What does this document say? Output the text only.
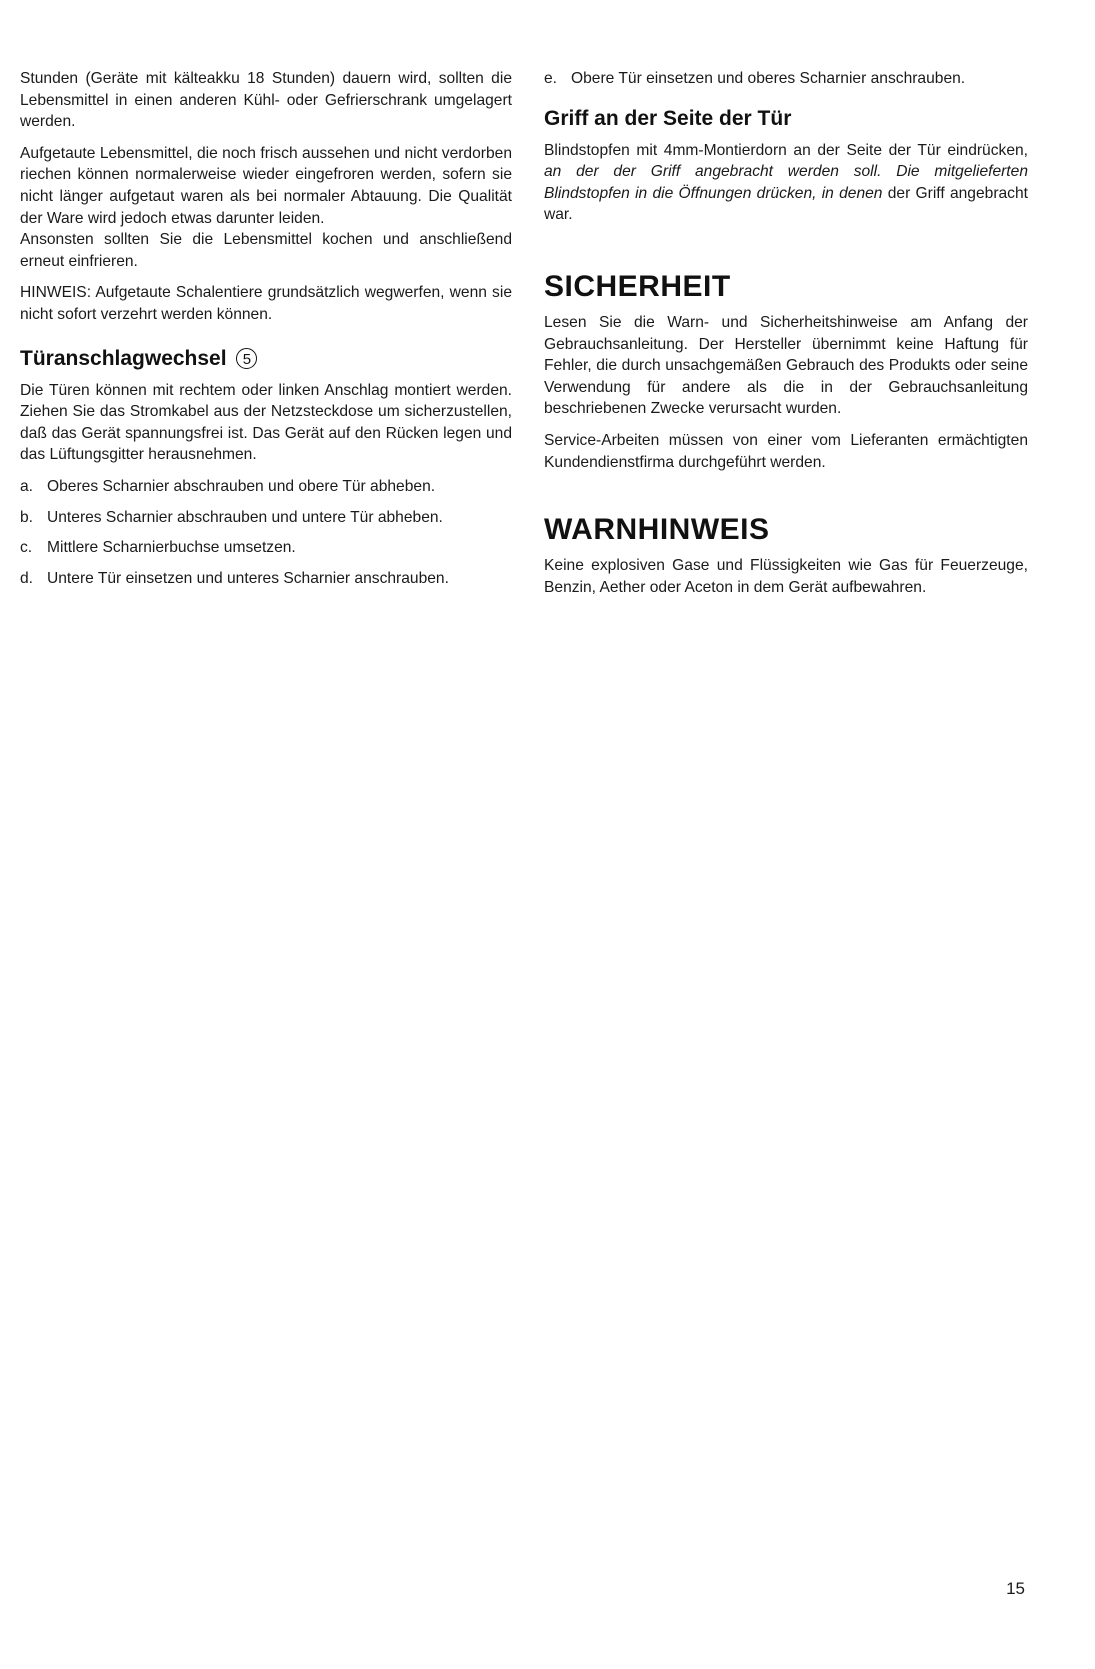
Stunden (Geräte mit kälteakku 18 Stunden) dauern wird, sollten die Lebensmittel in einen anderen Kühl- oder Gefrierschrank umgelagert werden.

Aufgetaute Lebensmittel, die noch frisch aussehen und nicht verdorben riechen können normalerweise wieder eingefroren werden, sofern sie nicht länger aufgetaut waren als bei normaler Abtauung. Die Qualität der Ware wird jedoch etwas darunter leiden.

Ansonsten sollten Sie die Lebensmittel kochen und anschließend erneut einfrieren.

HINWEIS: Aufgetaute Schalentiere grundsätzlich wegwerfen, wenn sie nicht sofort verzehrt werden können.

Türanschlagwechsel 5

Die Türen können mit rechtem oder linken Anschlag montiert werden. Ziehen Sie das Stromkabel aus der Netzsteckdose um sicherzustellen, daß das Gerät spannungsfrei ist. Das Gerät auf den Rücken legen und das Lüftungsgitter herausnehmen.

a. Oberes Scharnier abschrauben und obere Tür abheben.
b. Unteres Scharnier abschrauben und untere Tür abheben.
c. Mittlere Scharnierbuchse umsetzen.
d. Untere Tür einsetzen und unteres Scharnier anschrauben.
e. Obere Tür einsetzen und oberes Scharnier anschrauben.
Griff an der Seite der Tür

Blindstopfen mit 4mm-Montierdorn an der Seite der Tür eindrücken, an der der Griff angebracht werden soll. Die mitgelieferten Blindstopfen in die Öffnungen drücken, in denen der Griff angebracht war.

SICHERHEIT

Lesen Sie die Warn- und Sicherheitshinweise am Anfang der Gebrauchsanleitung. Der Hersteller übernimmt keine Haftung für Fehler, die durch unsachgemäßen Gebrauch des Produkts oder seine Verwendung für andere als die in der Gebrauchsanleitung beschriebenen Zwecke verursacht wurden.

Service-Arbeiten müssen von einer vom Lieferanten ermächtigten Kundendienstfirma durchgeführt werden.

WARNHINWEIS

Keine explosiven Gase und Flüssigkeiten wie Gas für Feuerzeuge, Benzin, Aether oder Aceton in dem Gerät aufbewahren.

15
